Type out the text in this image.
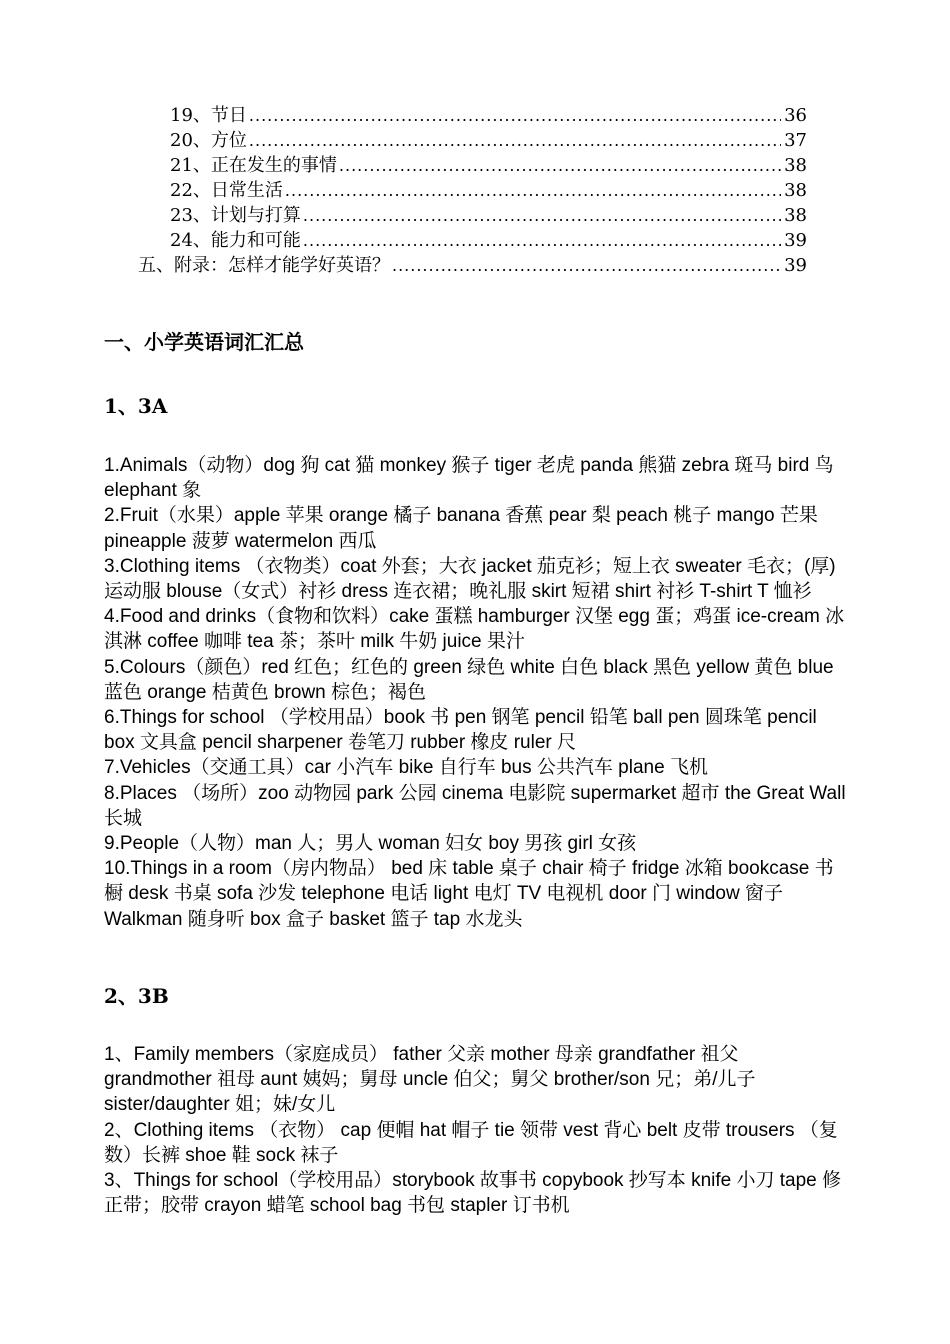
19、节日 .....	36
20、方位 .....	37
21、正在发生的事情 .....	38
22、日常生活 .....	38
23、计划与打算 .....	38
24、能力和可能 .....	39
五、附录：怎样才能学好英语？ .....	39
一、小学英语词汇汇总
1、3A

1.Animals（动物）dog 狗 cat 猫 monkey 猴子 tiger 老虎 panda 熊猫 zebra 斑马 bird 鸟 elephant 象

2.Fruit（水果）apple 苹果 orange 橘子 banana 香蕉 pear 梨 peach 桃子 mango 芒果 pineapple 菠萝 watermelon 西瓜

3.Clothing items （衣物类）coat 外套；大衣 jacket 茄克衫；短上衣 sweater 毛衣；(厚)运动服 blouse（女式）衬衫 dress 连衣裙；晚礼服 skirt 短裙 shirt 衬衫 T-shirt T 恤衫

4.Food and drinks（食物和饮料）cake 蛋糕 hamburger 汉堡 egg 蛋；鸡蛋 ice-cream 冰淇淋 coffee 咖啡 tea 茶；茶叶 milk 牛奶 juice 果汁

5.Colours（颜色）red 红色；红色的 green 绿色 white 白色 black 黑色 yellow 黄色 blue 蓝色 orange 桔黄色 brown 棕色；褐色

6.Things for school （学校用品）book 书 pen 钢笔 pencil 铅笔 ball pen 圆珠笔 pencil box 文具盒 pencil sharpener 卷笔刀 rubber 橡皮 ruler 尺

7.Vehicles（交通工具）car 小汽车 bike 自行车 bus 公共汽车 plane 飞机

8.Places （场所）zoo 动物园 park 公园 cinema 电影院 supermarket 超市 the Great Wall 长城

9.People（人物）man 人；男人 woman 妇女 boy 男孩 girl 女孩

10.Things in a room（房内物品） bed 床 table 桌子 chair 椅子 fridge 冰箱 bookcase 书橱 desk 书桌 sofa 沙发 telephone 电话 light 电灯 TV 电视机 door 门 window 窗子 Walkman 随身听 box 盒子 basket 篮子 tap 水龙头

2、3B

1、Family members（家庭成员） father 父亲 mother 母亲 grandfather 祖父 grandmother 祖母 aunt 姨妈；舅母 uncle 伯父；舅父 brother/son 兄；弟/儿子 sister/daughter 姐；妹/女儿

2、Clothing items （衣物） cap 便帽 hat 帽子 tie 领带 vest 背心 belt 皮带 trousers （复数）长裤 shoe 鞋 sock 袜子

3、Things for school（学校用品）storybook 故事书 copybook 抄写本 knife 小刀 tape 修正带；胶带 crayon 蜡笔 school bag 书包 stapler 订书机
